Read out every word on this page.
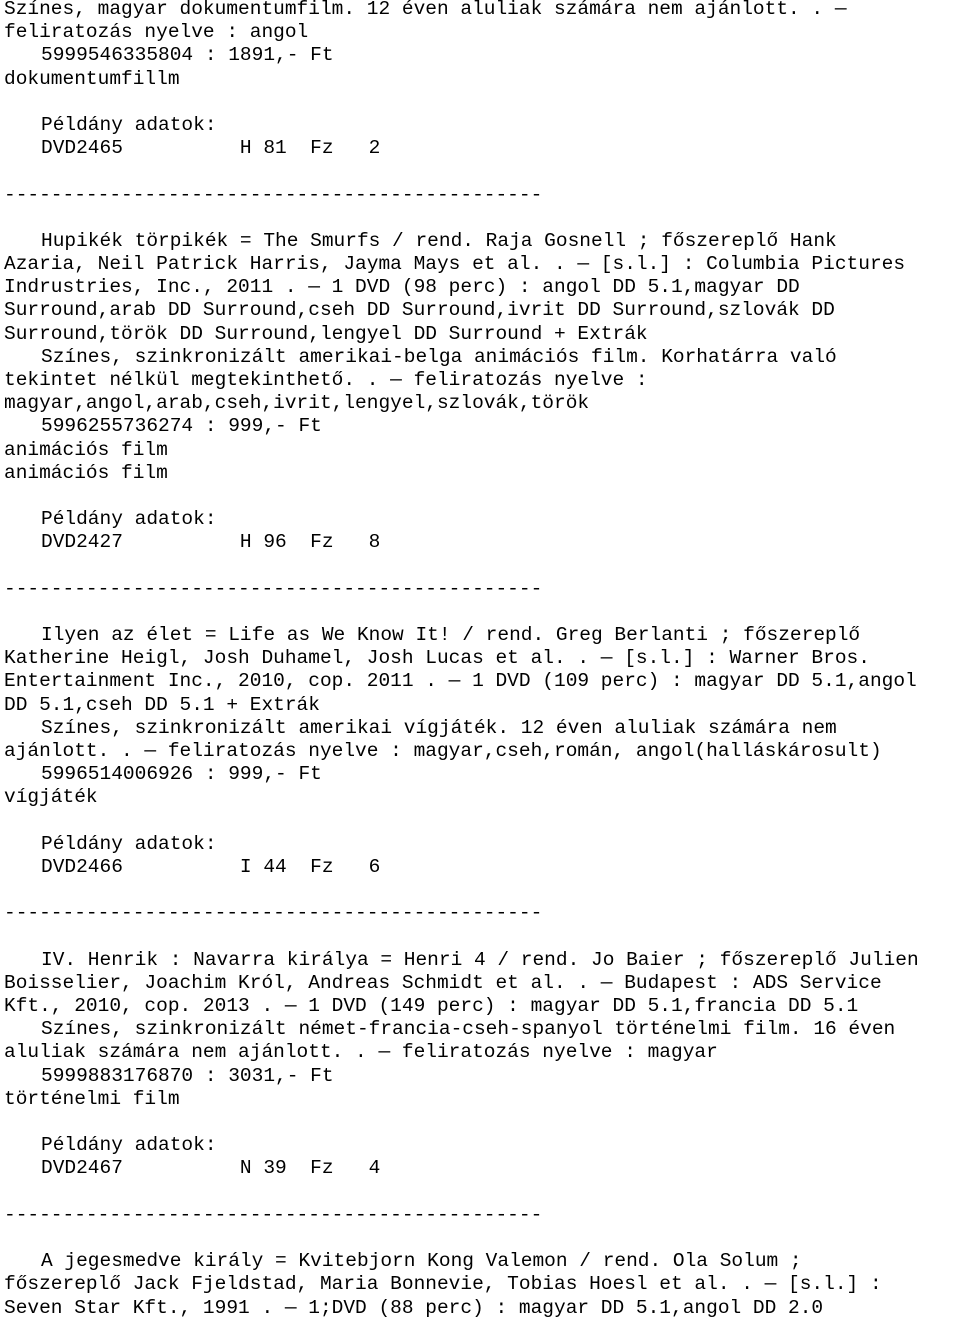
Színes, magyar dokumentumfilm. 12 éven aluliak számára nem ajánlott. . —
feliratozás nyelve : angol
5999546335804 : 1891,- Ft
dokumentumfillm
Példány adatok:
DVD2465          H 81  Fz   2
----------------------------------------------
Hupikék törpikék = The Smurfs / rend. Raja Gosnell ; főszereplő Hank
Azaria, Neil Patrick Harris, Jayma Mays et al. . — [s.l.] : Columbia Pictures
Indrustries, Inc., 2011 . — 1 DVD (98 perc) : angol DD 5.1,magyar DD
Surround,arab DD Surround,cseh DD Surround,ivrit DD Surround,szlovák DD
Surround,török DD Surround,lengyel DD Surround + Extrák
Színes, szinkronizált amerikai-belga animációs film. Korhatárra való
tekintet nélkül megtekinthető. . — feliratozás nyelve :
magyar,angol,arab,cseh,ivrit,lengyel,szlovák,török
5996255736274 : 999,- Ft
animációs film
animációs film
Példány adatok:
DVD2427          H 96  Fz   8
----------------------------------------------
Ilyen az élet = Life as We Know It! / rend. Greg Berlanti ; főszereplő
Katherine Heigl, Josh Duhamel, Josh Lucas et al. . — [s.l.] : Warner Bros.
Entertainment Inc., 2010, cop. 2011 . — 1 DVD (109 perc) : magyar DD 5.1,angol
DD 5.1,cseh DD 5.1 + Extrák
Színes, szinkronizált amerikai vígjáték. 12 éven aluliak számára nem
ajánlott. . — feliratozás nyelve : magyar,cseh,román, angol(halláskárosult)
5996514006926 : 999,- Ft
vígjáték
Példány adatok:
DVD2466          I 44  Fz   6
----------------------------------------------
IV. Henrik : Navarra királya = Henri 4 / rend. Jo Baier ; főszereplő Julien
Boisselier, Joachim Król, Andreas Schmidt et al. . — Budapest : ADS Service
Kft., 2010, cop. 2013 . — 1 DVD (149 perc) : magyar DD 5.1,francia DD 5.1
Színes, szinkronizált német-francia-cseh-spanyol történelmi film. 16 éven
aluliak számára nem ajánlott. . — feliratozás nyelve : magyar
5999883176870 : 3031,- Ft
történelmi film
Példány adatok:
DVD2467          N 39  Fz   4
----------------------------------------------
A jegesmedve király = Kvitebjorn Kong Valemon / rend. Ola Solum ;
főszereplő Jack Fjeldstad, Maria Bonnevie, Tobias Hoesl et al. . — [s.l.] :
Seven Star Kft., 1991 . — 1;DVD (88 perc) : magyar DD 5.1,angol DD 2.0
